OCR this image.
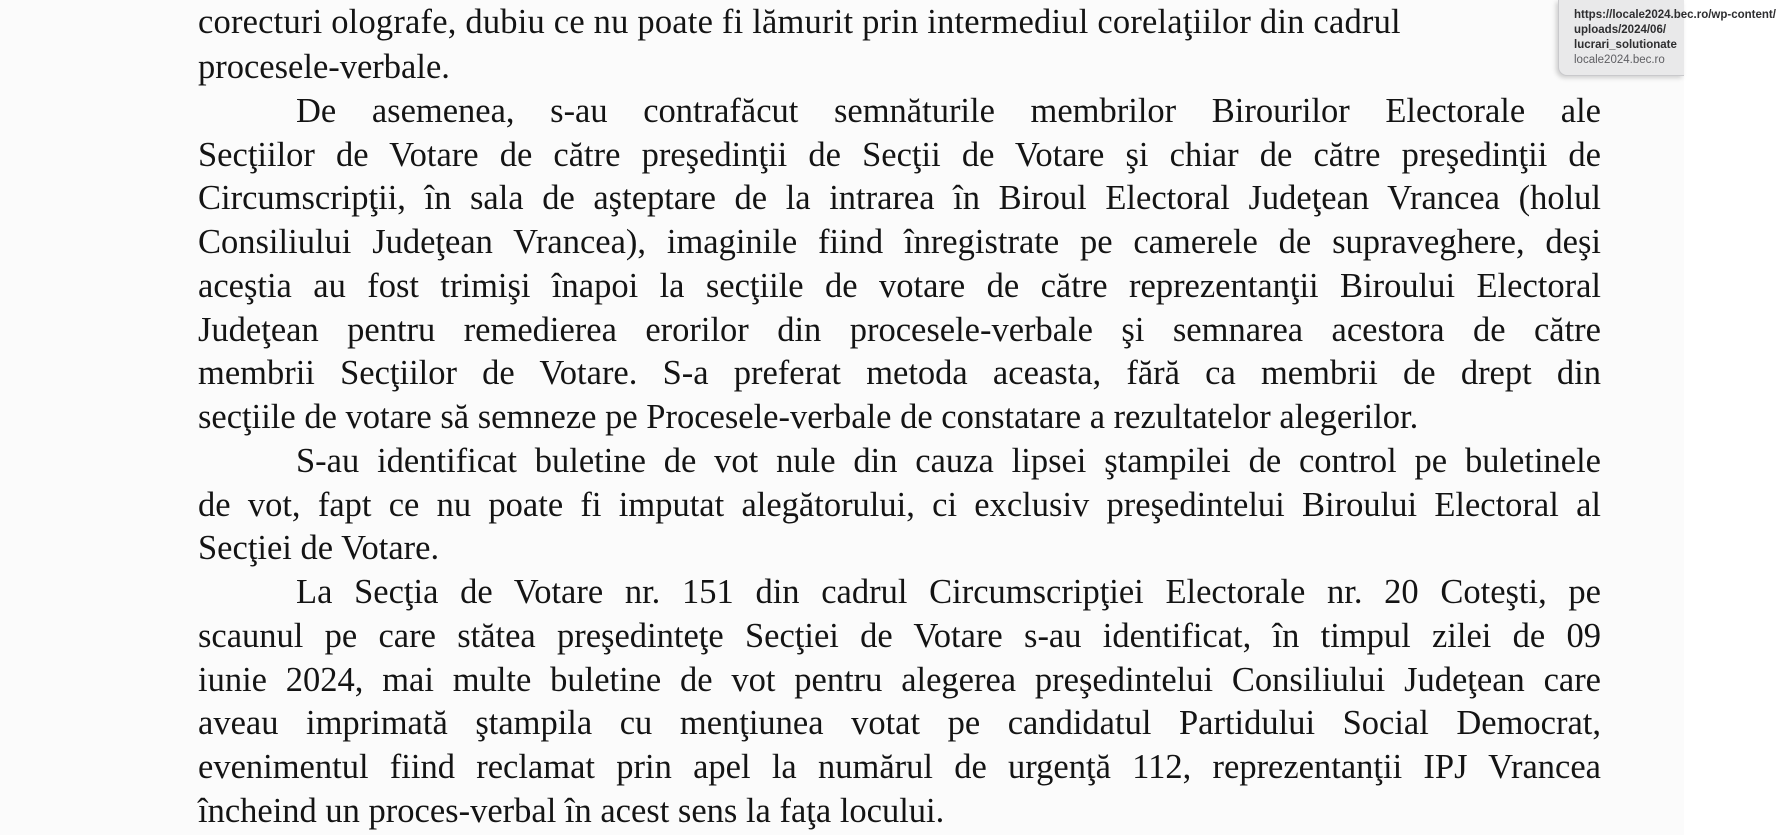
corecturi olografe, dubiu ce nu poate fi lămurit prin intermediul corelaţiilor din cadrul
procesele-verbale.
De asemenea, s-au contrafăcut semnăturile membrilor Birourilor Electorale ale
Secţiilor de Votare de către preşedinţii de Secţii de Votare şi chiar de către preşedinţii de
Circumscripţii, în sala de aşteptare de la intrarea în Biroul Electoral Judeţean Vrancea (holul
Consiliului Judeţean Vrancea), imaginile fiind înregistrate pe camerele de supraveghere, deşi
aceştia au fost trimişi înapoi la secţiile de votare de către reprezentanţii Biroului Electoral
Judeţean pentru remedierea erorilor din procesele-verbale şi semnarea acestora de către
membrii Secţiilor de Votare. S-a preferat metoda aceasta, fără ca membrii de drept din
secţiile de votare să semneze pe Procesele-verbale de constatare a rezultatelor alegerilor.
S-au identificat buletine de vot nule din cauza lipsei ştampilei de control pe buletinele
de vot, fapt ce nu poate fi imputat alegătorului, ci exclusiv preşedintelui Biroului Electoral al
Secţiei de Votare.
La Secţia de Votare nr. 151 din cadrul Circumscripţiei Electorale nr. 20 Coteşti, pe
scaunul pe care stătea preşedinteţe Secţiei de Votare s-au identificat, în timpul zilei de 09
iunie 2024, mai multe buletine de vot pentru alegerea preşedintelui Consiliului Judeţean care
aveau imprimată ştampila cu menţiunea votat pe candidatul Partidului Social Democrat,
evenimentul fiind reclamat prin apel la numărul de urgenţă 112, reprezentanţii IPJ Vrancea
încheind un proces-verbal în acest sens la faţa locului.
https://locale2024.bec.ro/wp-content/
uploads/2024/06/
lucrari_solutionate
locale2024.bec.ro
